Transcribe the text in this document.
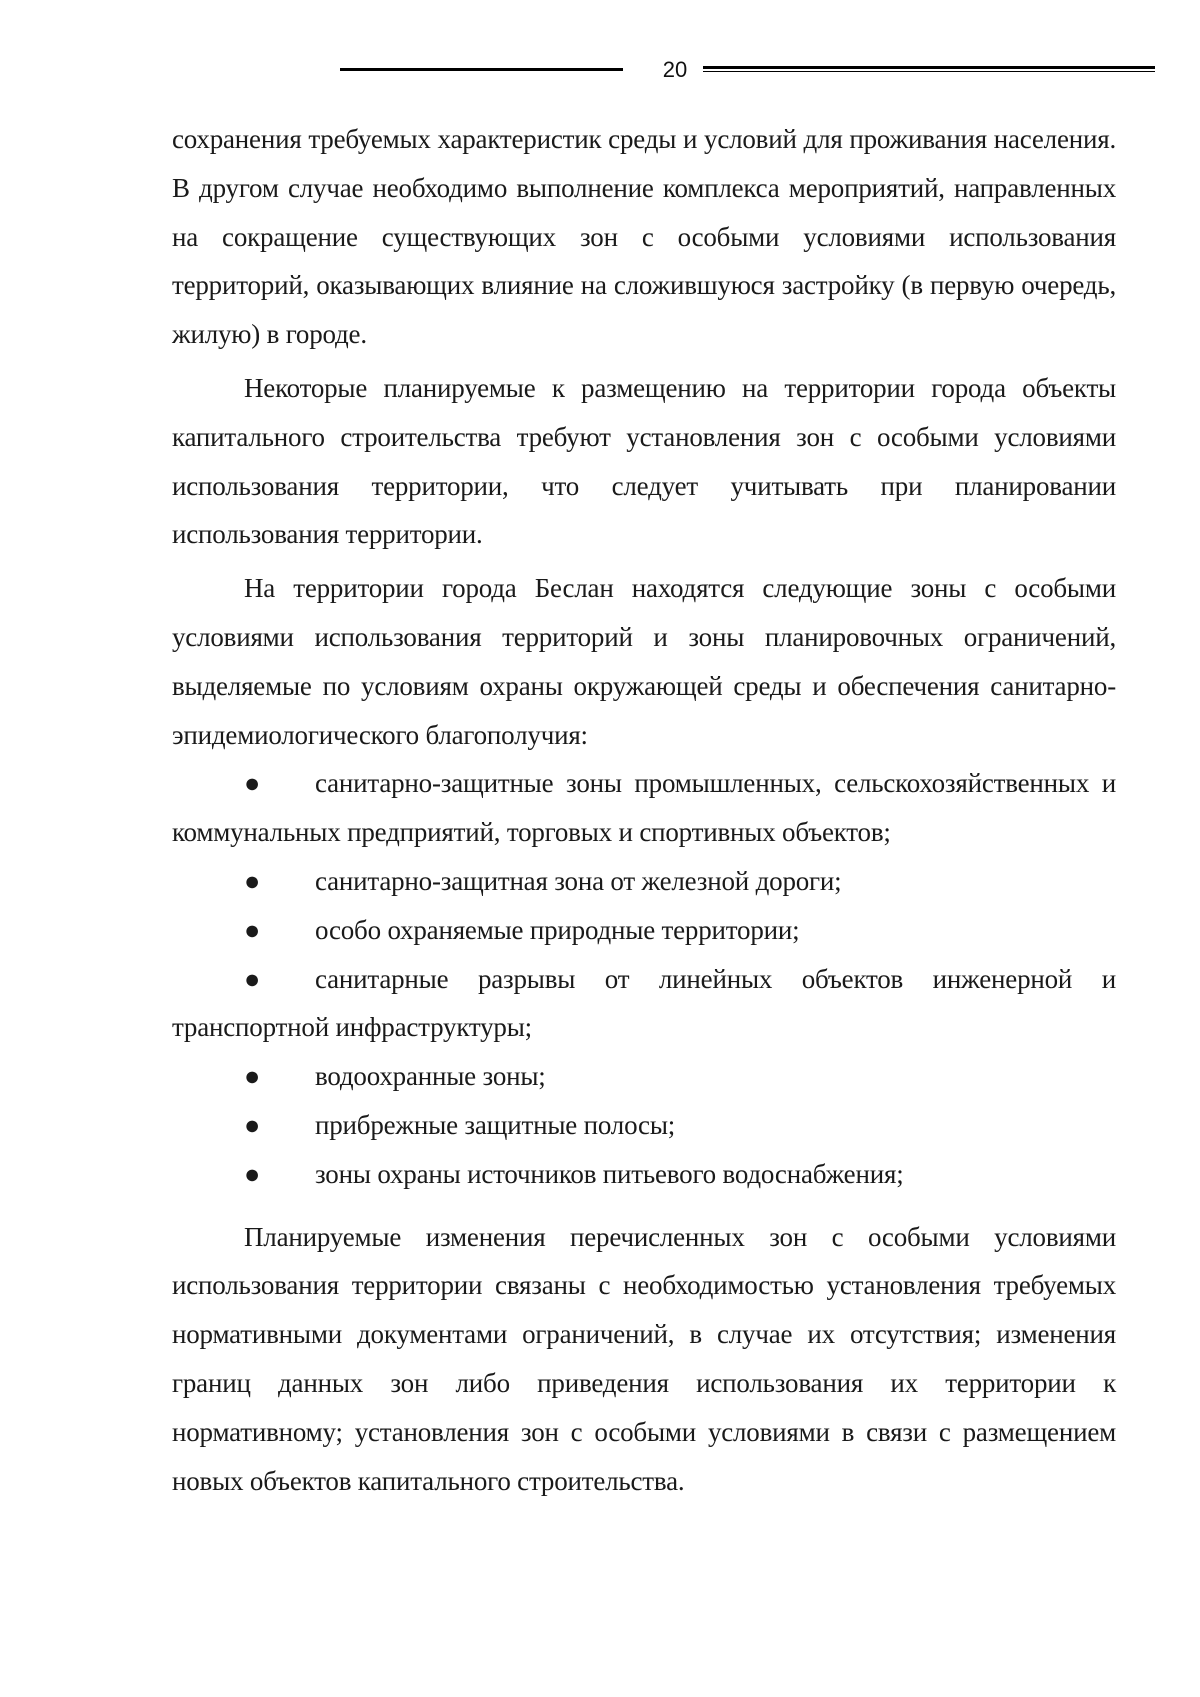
20

сохранения требуемых характеристик среды и условий для проживания населения. В другом случае необходимо выполнение комплекса мероприятий, направленных на сокращение существующих зон с особыми условиями использования территорий, оказывающих влияние на сложившуюся застройку (в первую очередь, жилую) в городе.

Некоторые планируемые к размещению на территории города объекты капитального строительства требуют установления зон с особыми условиями использования территории, что следует учитывать при планировании использования территории.

На территории города Беслан находятся следующие зоны с особыми условиями использования территорий и зоны планировочных ограничений, выделяемые по условиям охраны окружающей среды и обеспечения санитарно- эпидемиологического благополучия:

● санитарно-защитные зоны промышленных, сельскохозяйственных и коммунальных предприятий, торговых и спортивных объектов;

● санитарно-защитная зона от железной дороги;

● особо охраняемые природные территории;

● санитарные разрывы от линейных объектов инженерной и транспортной инфраструктуры;

● водоохранные зоны;

● прибрежные защитные полосы;

● зоны охраны источников питьевого водоснабжения;

Планируемые изменения перечисленных зон с особыми условиями использования территории связаны с необходимостью установления требуемых нормативными документами ограничений, в случае их отсутствия; изменения границ данных зон либо приведения использования их территории к нормативному; установления зон с особыми условиями в связи с размещением новых объектов капитального строительства.
